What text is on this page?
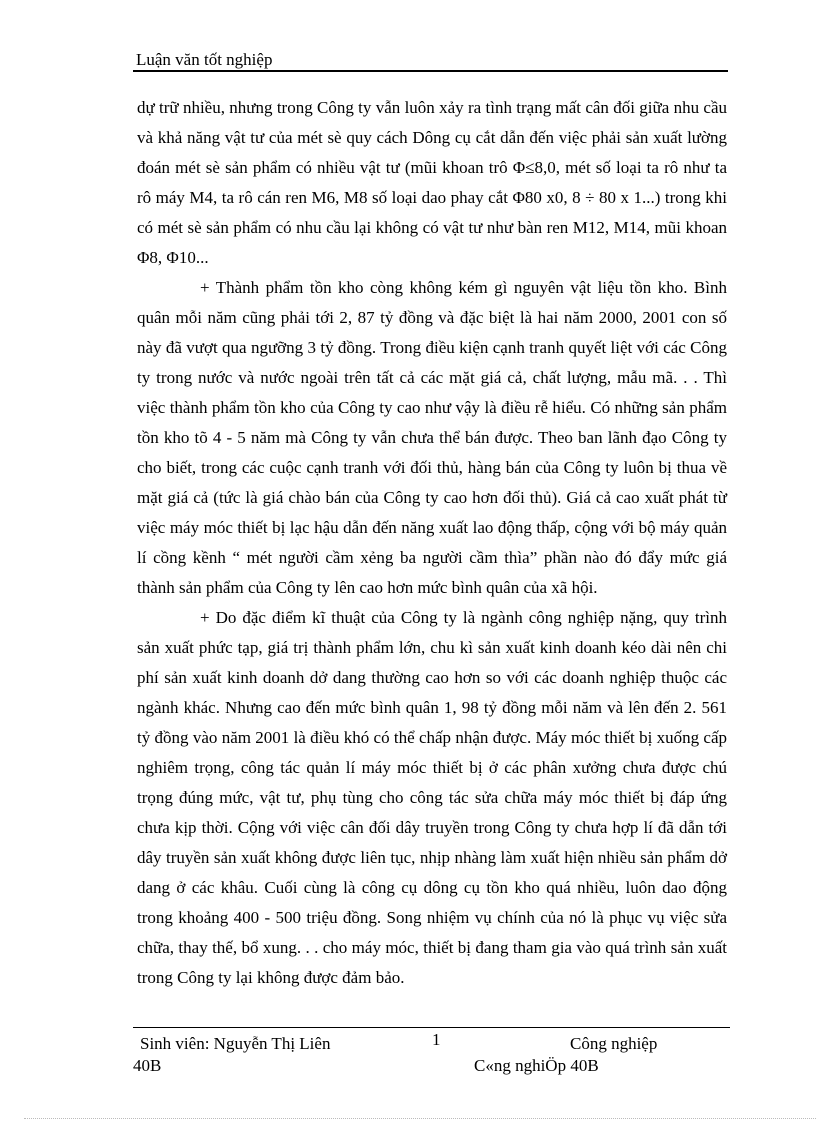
Luận văn tốt nghiệp

dự trữ nhiều, nhưng trong Công ty vẫn luôn xảy ra tình trạng mất cân đối giữa nhu cầu và khả năng vật tư của mét sè quy cách Dông cụ cắt dẫn đến việc phải sản xuất lường đoán mét sè sản phẩm có nhiều vật tư (mũi khoan trô Φ≤8,0, mét số loại ta rô như ta rô máy M4, ta rô cán ren M6, M8 số loại dao phay cắt Φ80 x0, 8 ÷ 80 x 1...) trong khi có mét sè sản phẩm có nhu cầu lại không có vật tư như bàn ren M12, M14, mũi khoan Φ8, Φ10...

+ Thành phẩm tồn kho còng không kém gì nguyên vật liệu tồn kho. Bình quân mỗi năm cũng phải tới 2, 87 tỷ đồng và đặc biệt là hai năm 2000, 2001 con số này đã vượt qua ngưỡng 3 tỷ đồng. Trong điều kiện cạnh tranh quyết liệt với các Công ty trong nước và nước ngoài trên tất cả các mặt giá cả, chất lượng, mẫu mã. . . Thì việc thành phẩm tồn kho của Công ty cao như vậy là điều rễ hiểu. Có những sản phẩm tồn kho tõ 4 - 5 năm mà Công ty vẫn chưa thể bán được. Theo ban lãnh đạo Công ty cho biết, trong các cuộc cạnh tranh với đối thủ, hàng bán của Công ty luôn bị thua về mặt giá cả (tức là giá chào bán của Công ty cao hơn đối thủ). Giá cả cao xuất phát từ việc máy móc thiết bị lạc hậu dẫn đến năng xuất lao động thấp, cộng với bộ máy quản lí cồng kềnh “ mét người cầm xẻng ba người cầm thìa” phần nào đó đẩy mức giá thành sản phẩm của Công ty lên cao hơn mức bình quân của xã hội.

+ Do đặc điểm kĩ thuật của Công ty là ngành công nghiệp nặng, quy trình sản xuất phức tạp, giá trị thành phẩm lớn, chu kì sản xuất kinh doanh kéo dài nên chi phí sản xuất kinh doanh dở dang thường cao hơn so với các doanh nghiệp thuộc các ngành khác. Nhưng cao đến mức bình quân 1, 98 tỷ đồng mỗi năm và lên đến 2. 561 tỷ đồng vào năm 2001 là điều khó có thể chấp nhận được. Máy móc thiết bị xuống cấp nghiêm trọng, công tác quản lí máy móc thiết bị ở các phân xưởng chưa được chú trọng đúng mức, vật tư, phụ tùng cho công tác sửa chữa máy móc thiết bị đáp ứng chưa kịp thời. Cộng với việc cân đối dây truyền trong Công ty chưa hợp lí đã dẫn tới dây truyền sản xuất không được liên tục, nhịp nhàng làm xuất hiện nhiều sản phẩm dở dang ở các khâu. Cuối cùng là công cụ dông cụ tồn kho quá nhiều, luôn dao động trong khoảng 400 - 500 triệu đồng. Song nhiệm vụ chính của nó là phục vụ việc sửa chữa, thay thế, bổ xung. . . cho máy móc, thiết bị đang tham gia vào quá trình sản xuất trong Công ty lại không được đảm bảo.

Sinh viên: Nguyễn Thị Liên
40B
1	Công nghiệp
C«ng nghiÖp 40B
